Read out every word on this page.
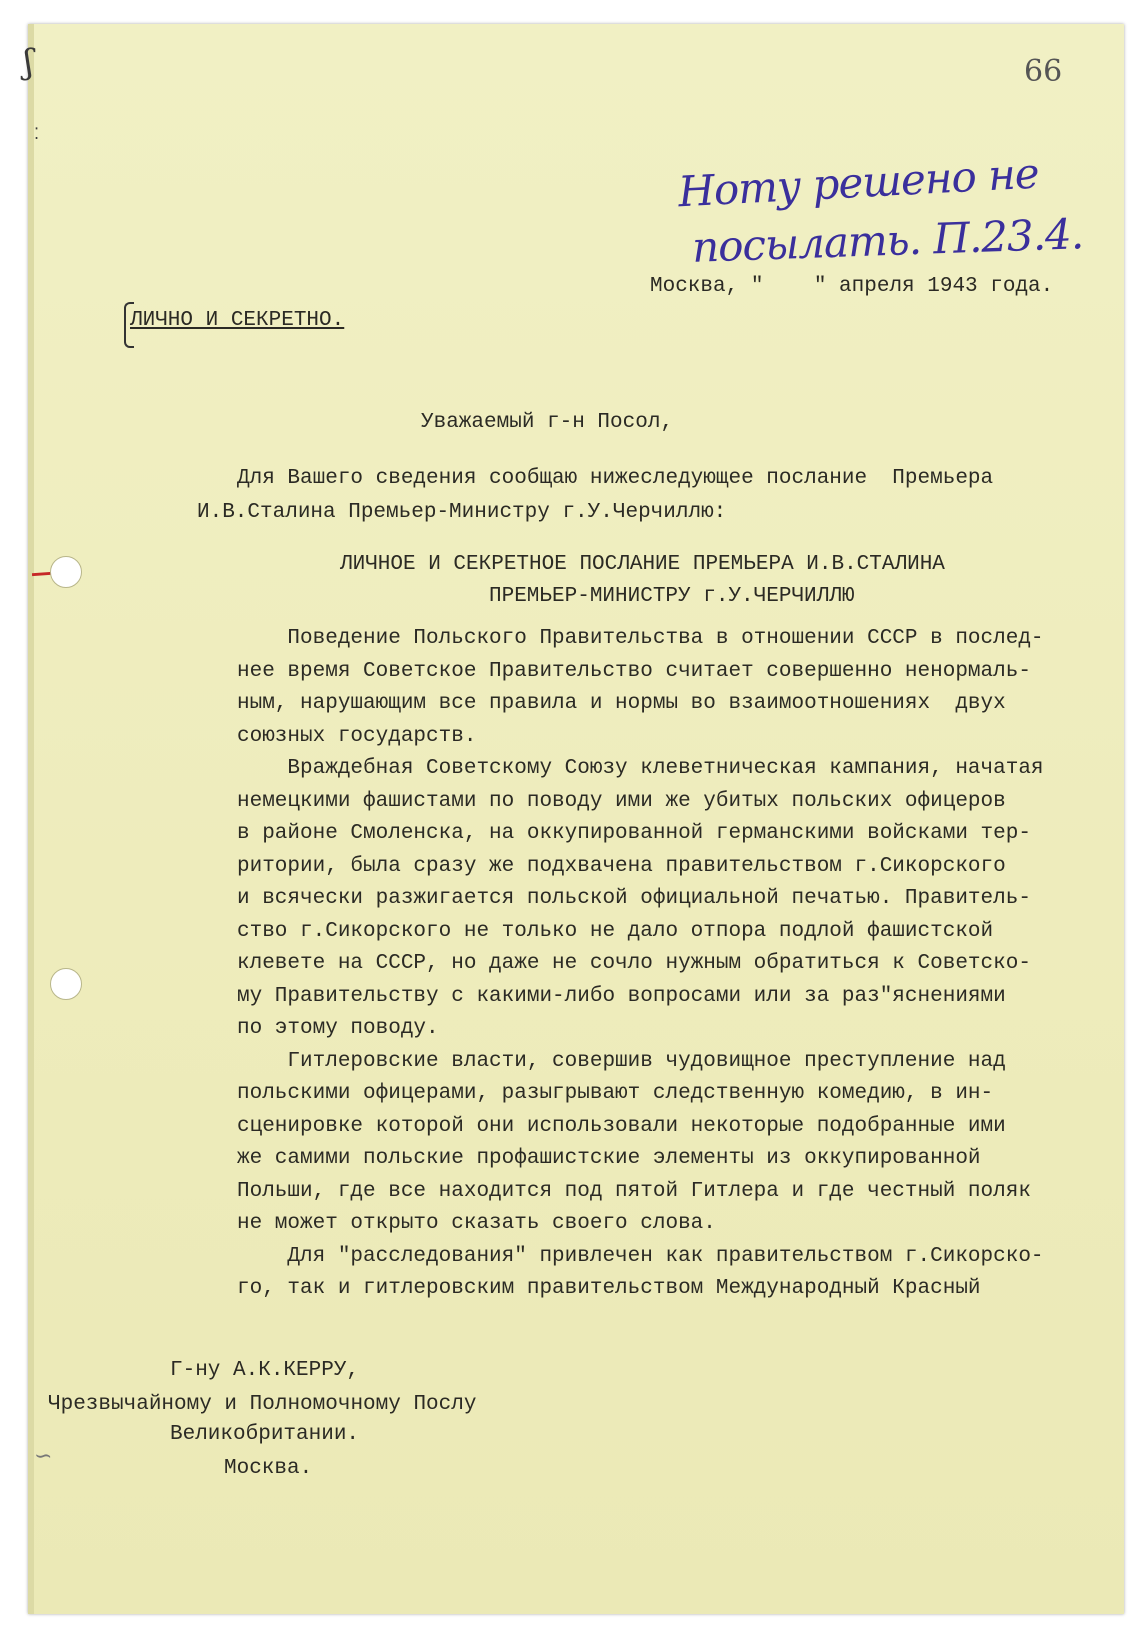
ʃ
⁚
∽
66
Ноту решено не
посылать. П.23.4.
Москва, "    " апреля 1943 года.
ЛИЧНО И СЕКРЕТНО.
Уважаемый г-н Посол,
Для Вашего сведения сообщаю нижеследующее послание  Премьера
И.В.Сталина Премьер-Министру г.У.Черчиллю:
ЛИЧНОЕ И СЕКРЕТНОЕ ПОСЛАНИЕ ПРЕМЬЕРА И.В.СТАЛИНА
ПРЕМЬЕР-МИНИСТРУ г.У.ЧЕРЧИЛЛЮ
Поведение Польского Правительства в отношении СССР в послед-
нее время Советское Правительство считает совершенно ненормаль-
ным, нарушающим все правила и нормы во взаимоотношениях  двух
союзных государств.
Враждебная Советскому Союзу клеветническая кампания, начатая
немецкими фашистами по поводу ими же убитых польских офицеров
в районе Смоленска, на оккупированной германскими войсками тер-
ритории, была сразу же подхвачена правительством г.Сикорского
и всячески разжигается польской официальной печатью. Правитель-
ство г.Сикорского не только не дало отпора подлой фашистской
клевете на СССР, но даже не сочло нужным обратиться к Советско-
му Правительству с какими-либо вопросами или за раз"яснениями
по этому поводу.
Гитлеровские власти, совершив чудовищное преступление над
польскими офицерами, разыгрывают следственную комедию, в ин-
сценировке которой они использовали некоторые подобранные ими
же самими польские профашистские элементы из оккупированной
Польши, где все находится под пятой Гитлера и где честный поляк
не может открыто сказать своего слова.
Для "расследования" привлечен как правительством г.Сикорско-
го, так и гитлеровским правительством Международный Красный
Г-ну А.К.КЕРРУ,
Чрезвычайному и Полномочному Послу
Великобритании.
Москва.
